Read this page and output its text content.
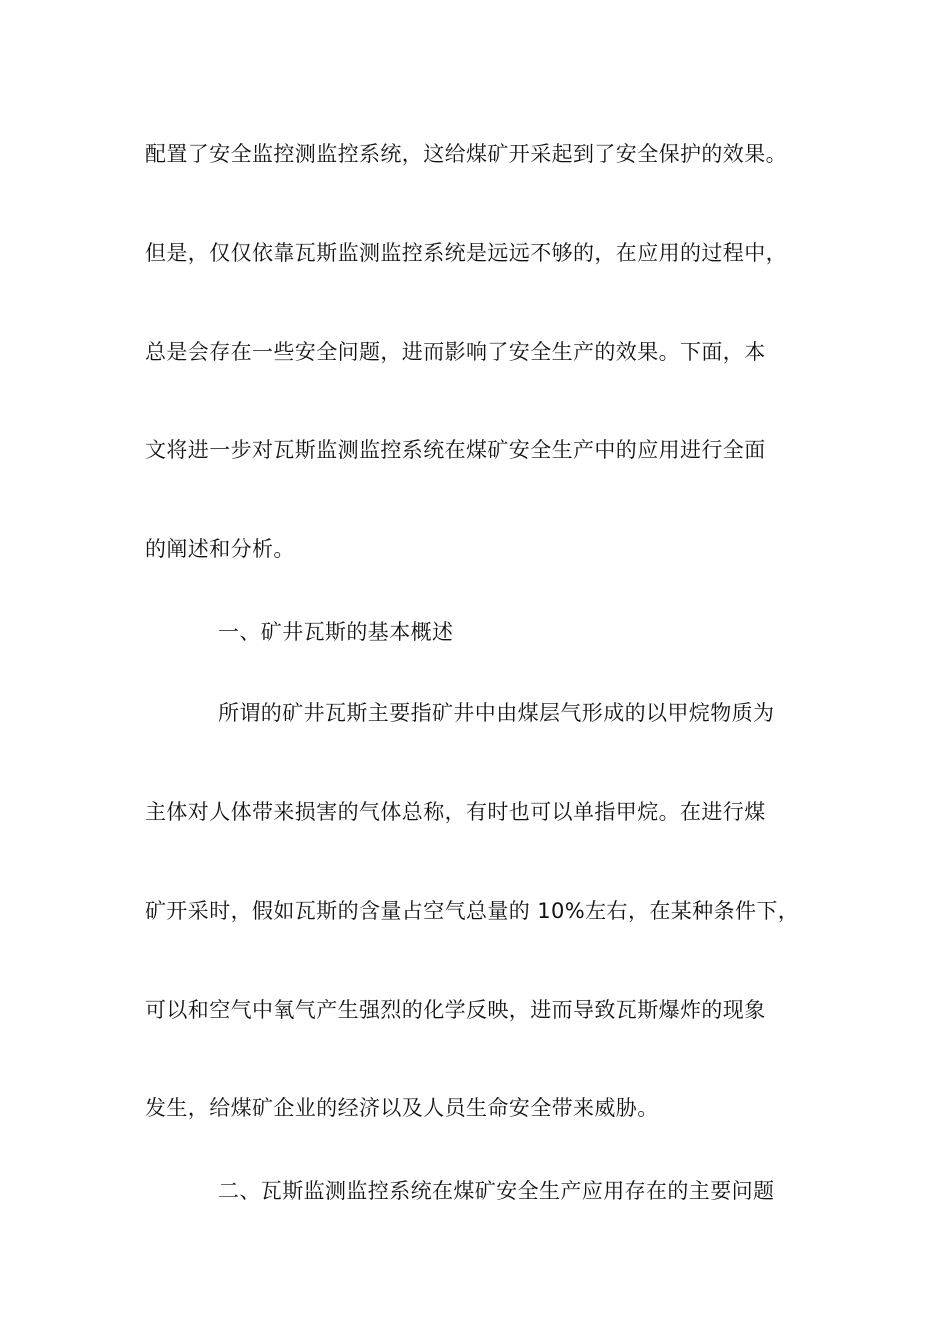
配置了安全监控测监控系统，这给煤矿开采起到了安全保护的效果。
但是，仅仅依靠瓦斯监测监控系统是远远不够的，在应用的过程中，
总是会存在一些安全问题，进而影响了安全生产的效果。下面，本
文将进一步对瓦斯监测监控系统在煤矿安全生产中的应用进行全面
的阐述和分析。
一、矿井瓦斯的基本概述
所谓的矿井瓦斯主要指矿井中由煤层气形成的以甲烷物质为
主体对人体带来损害的气体总称，有时也可以单指甲烷。在进行煤
矿开采时，假如瓦斯的含量占空气总量的 10%左右，在某种条件下，
可以和空气中氧气产生强烈的化学反映，进而导致瓦斯爆炸的现象
发生，给煤矿企业的经济以及人员生命安全带来威胁。
二、瓦斯监测监控系统在煤矿安全生产应用存在的主要问题
